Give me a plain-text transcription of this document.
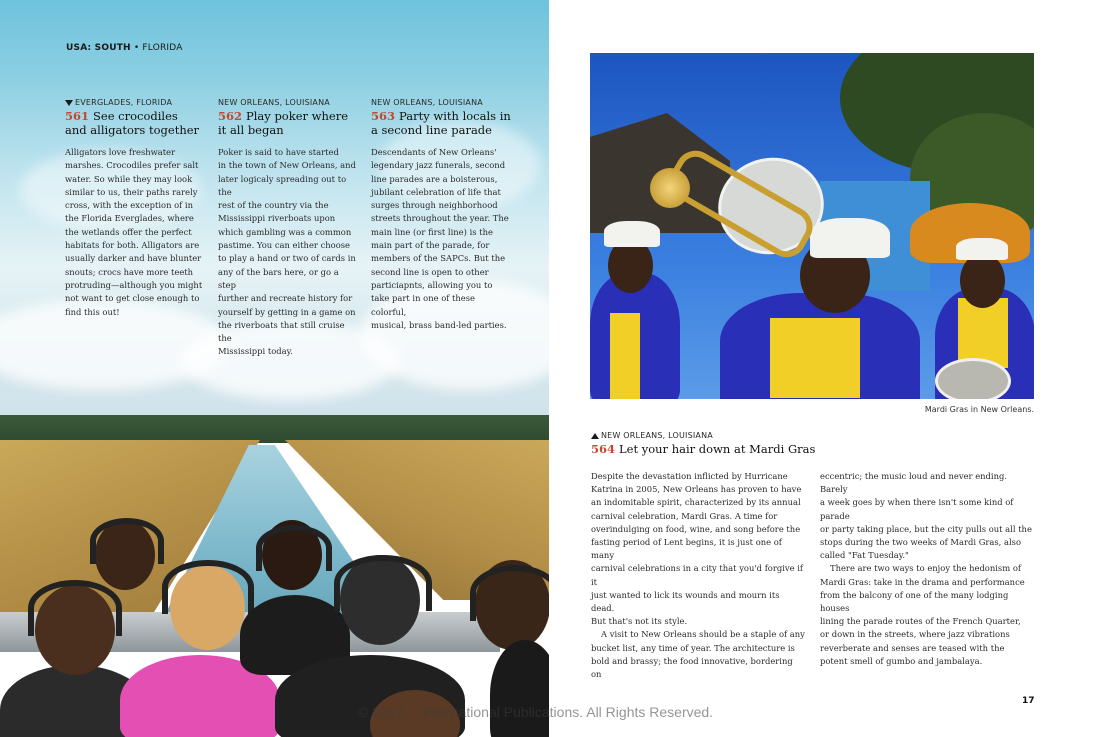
USA: SOUTH • FLORIDA
EVERGLADES, FLORIDA
561 See crocodiles
and alligators together
Alligators love freshwater
marshes. Crocodiles prefer salt
water. So while they may look
similar to us, their paths rarely
cross, with the exception of in
the Florida Everglades, where
the wetlands offer the perfect
habitats for both. Alligators are
usually darker and have blunter
snouts; crocs have more teeth
protruding—although you might
not want to get close enough to
find this out!
NEW ORLEANS, LOUISIANA
562 Play poker where
it all began
Poker is said to have started
in the town of New Orleans, and
later logicaly spreading out to the
rest of the country via the
Mississippi riverboats upon
which gambling was a common
pastime. You can either choose
to play a hand or two of cards in
any of the bars here, or go a step
further and recreate history for
yourself by getting in a game on
the riverboats that still cruise the
Mississippi today.
NEW ORLEANS, LOUISIANA
563 Party with locals in
a second line parade
Descendants of New Orleans'
legendary jazz funerals, second
line parades are a boisterous,
jubilant celebration of life that
surges through neighborhood
streets throughout the year. The
main line (or first line) is the
main part of the parade, for
members of the SAPCs. But the
second line is open to other
particiapnts, allowing you to
take part in one of these colorful,
musical, brass band-led parties.
Mardi Gras in New Orleans.
NEW ORLEANS, LOUISIANA
564 Let your hair down at Mardi Gras

Despite the devastation inflicted by Hurricane

Katrina in 2005, New Orleans has proven to have

an indomitable spirit, characterized by its annual

carnival celebration, Mardi Gras. A time for

overindulging on food, wine, and song before the

fasting period of Lent begins, it is just one of many

carnival celebrations in a city that you'd forgive if it

just wanted to lick its wounds and mourn its dead.

But that's not its style.

A visit to New Orleans should be a staple of any

bucket list, any time of year. The architecture is

bold and brassy; the food innovative, bordering on

eccentric; the music loud and never ending. Barely

a week goes by when there isn't some kind of parade

or party taking place, but the city pulls out all the

stops during the two weeks of Mardi Gras, also

called "Fat Tuesday."

There are two ways to enjoy the hedonism of

Mardi Gras: take in the drama and performance

from the balcony of one of the many lodging houses

lining the parade routes of the French Quarter,

or down in the streets, where jazz vibrations

reverberate and senses are teased with the

potent smell of gumbo and jambalaya.

17
© 2017 ... International Publications. All Rights Reserved.
